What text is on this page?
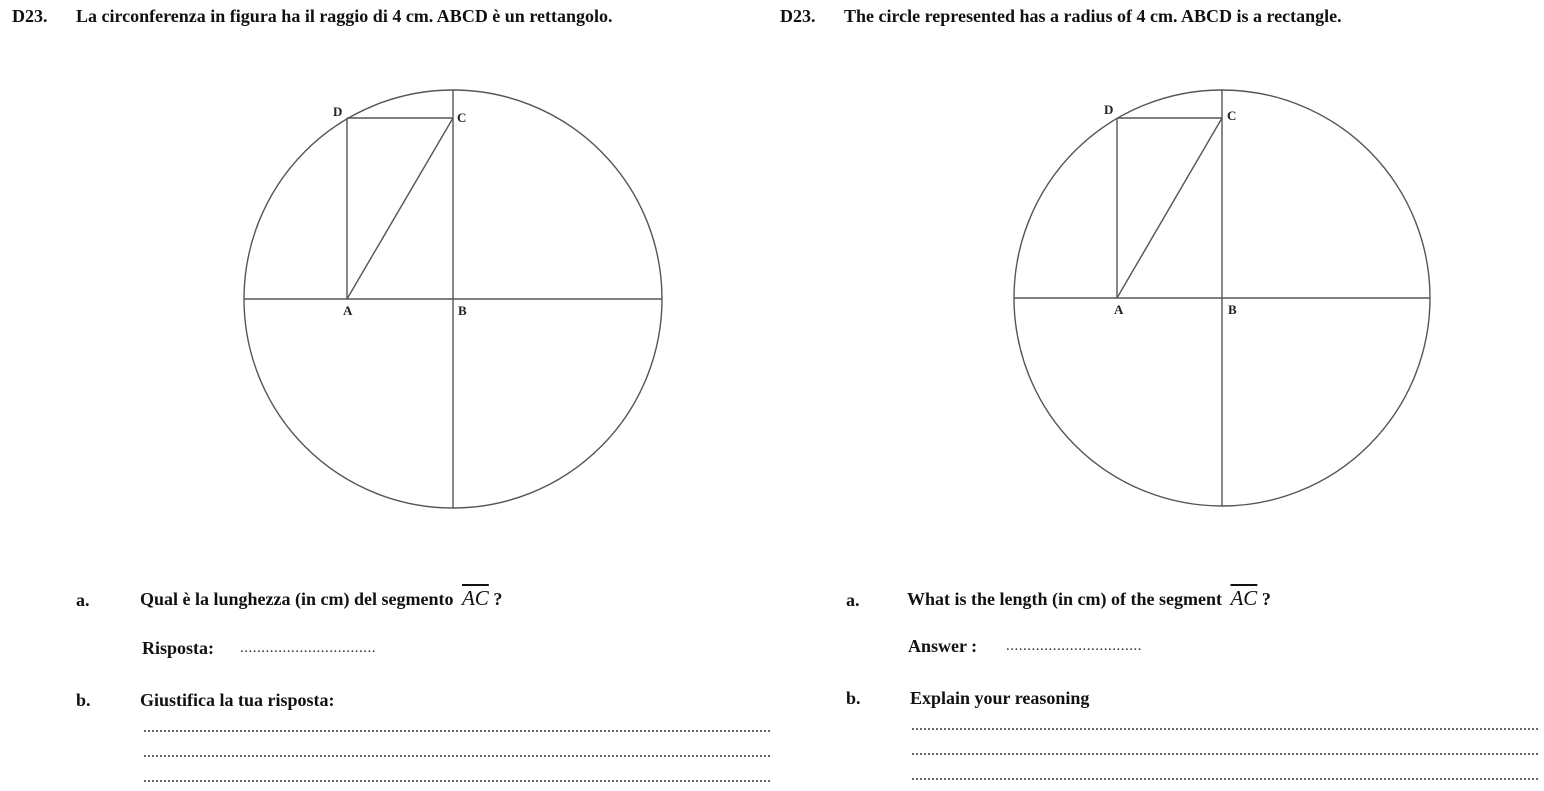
D23. La circonferenza in figura ha il raggio di 4 cm. ABCD è un rettangolo.
D	C
A	B
a.	Qual è la lunghezza (in cm) del segmento $\overline{AC}$ ?
Risposta: ................................
b.	Giustifica la tua risposta:
D23. The circle represented has a radius of 4 cm. ABCD is a rectangle.
D	C
A	B
a.	What is the length (in cm) of the segment $\overline{AC}$ ?
Answer : ................................
b.	Explain your reasoning
